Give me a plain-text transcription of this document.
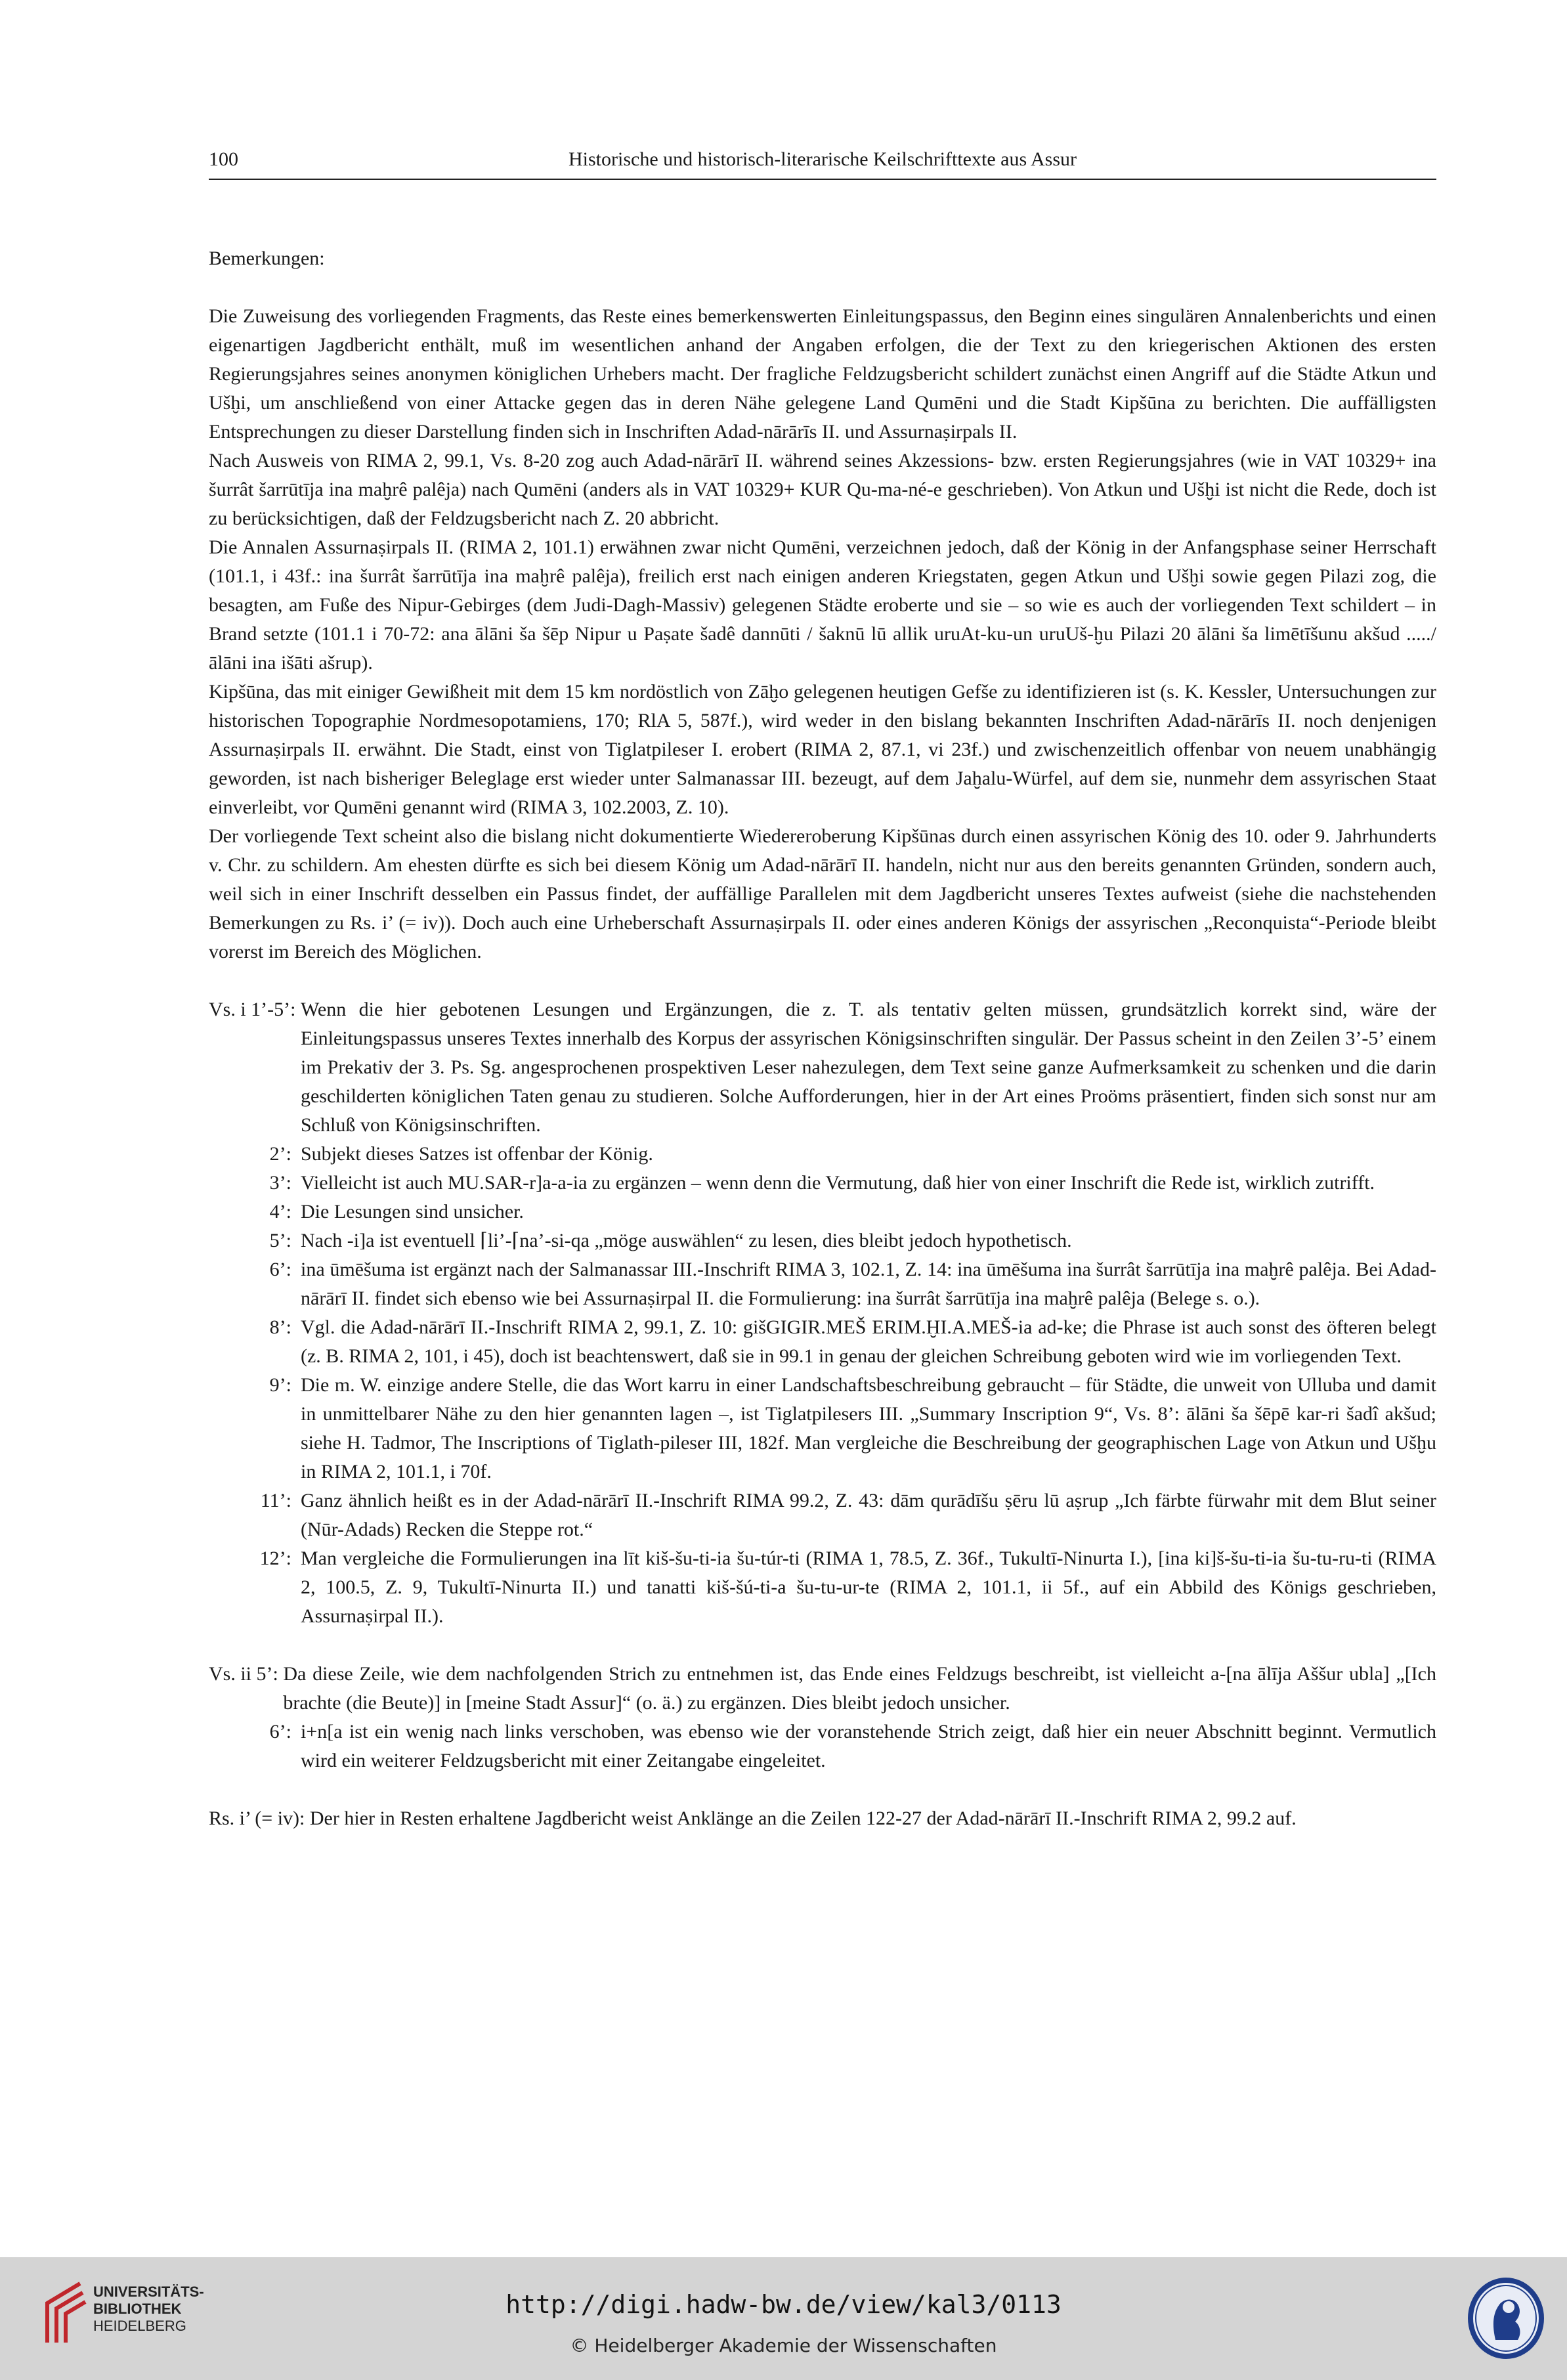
100	Historische und historisch-literarische Keilschrifttexte aus Assur

Bemerkungen:

Die Zuweisung des vorliegenden Fragments, das Reste eines bemerkenswerten Einleitungspassus, den Beginn eines singulären Annalenberichts und einen eigenartigen Jagdbericht enthält, muß im wesentlichen anhand der Angaben erfolgen, die der Text zu den kriegerischen Aktionen des ersten Regierungsjahres seines anonymen königlichen Urhebers macht. Der fragliche Feldzugsbericht schildert zunächst einen Angriff auf die Städte Atkun und Ušḫi, um anschließend von einer Attacke gegen das in deren Nähe gelegene Land Qumēni und die Stadt Kipšūna zu berichten. Die auffälligsten Entsprechungen zu dieser Darstellung finden sich in Inschriften Adad-nārārīs II. und Assurnaṣirpals II.

Nach Ausweis von RIMA 2, 99.1, Vs. 8-20 zog auch Adad-nārārī II. während seines Akzessions- bzw. ersten Regierungsjahres (wie in VAT 10329+ ina šurrât šarrūtīja ina maḫrê palêja) nach Qumēni (anders als in VAT 10329+ KUR Qu-ma-né-e geschrieben). Von Atkun und Ušḫi ist nicht die Rede, doch ist zu berücksichtigen, daß der Feldzugsbericht nach Z. 20 abbricht.

Die Annalen Assurnaṣirpals II. (RIMA 2, 101.1) erwähnen zwar nicht Qumēni, verzeichnen jedoch, daß der König in der Anfangsphase seiner Herrschaft (101.1, i 43f.: ina šurrât šarrūtīja ina maḫrê palêja), freilich erst nach einigen anderen Kriegstaten, gegen Atkun und Ušḫi sowie gegen Pilazi zog, die besagten, am Fuße des Nipur-Gebirges (dem Judi-Dagh-Massiv) gelegenen Städte eroberte und sie – so wie es auch der vorliegenden Text schildert – in Brand setzte (101.1 i 70-72: ana ālāni ša šēp Nipur u Paṣate šadê dannūti / šaknū lū allik uruAt-ku-un uruUš-ḫu Pilazi 20 ālāni ša limētīšunu akšud ...../ ālāni ina išāti ašrup).

Kipšūna, das mit einiger Gewißheit mit dem 15 km nordöstlich von Zāḫo gelegenen heutigen Gefše zu identifizieren ist (s. K. Kessler, Untersuchungen zur historischen Topographie Nordmesopotamiens, 170; RlA 5, 587f.), wird weder in den bislang bekannten Inschriften Adad-nārārīs II. noch denjenigen Assurnaṣirpals II. erwähnt. Die Stadt, einst von Tiglatpileser I. erobert (RIMA 2, 87.1, vi 23f.) und zwischenzeitlich offenbar von neuem unabhängig geworden, ist nach bisheriger Beleglage erst wieder unter Salmanassar III. bezeugt, auf dem Jaḫalu-Würfel, auf dem sie, nunmehr dem assyrischen Staat einverleibt, vor Qumēni genannt wird (RIMA 3, 102.2003, Z. 10).

Der vorliegende Text scheint also die bislang nicht dokumentierte Wiedereroberung Kipšūnas durch einen assyrischen König des 10. oder 9. Jahrhunderts v. Chr. zu schildern. Am ehesten dürfte es sich bei diesem König um Adad-nārārī II. handeln, nicht nur aus den bereits genannten Gründen, sondern auch, weil sich in einer Inschrift desselben ein Passus findet, der auffällige Parallelen mit dem Jagdbericht unseres Textes aufweist (siehe die nachstehenden Bemerkungen zu Rs. i’ (= iv)). Doch auch eine Urheberschaft Assurnaṣirpals II. oder eines anderen Königs der assyrischen „Reconquista“-Periode bleibt vorerst im Bereich des Möglichen.

Vs. i 1’-5’: Wenn die hier gebotenen Lesungen und Ergänzungen, die z. T. als tentativ gelten müssen, grundsätzlich korrekt sind, wäre der Einleitungspassus unseres Textes innerhalb des Korpus der assyrischen Königsinschriften singulär. Der Passus scheint in den Zeilen 3’-5’ einem im Prekativ der 3. Ps. Sg. angesprochenen prospektiven Leser nahezulegen, dem Text seine ganze Aufmerksamkeit zu schenken und die darin geschilderten königlichen Taten genau zu studieren. Solche Aufforderungen, hier in der Art eines Proöms präsentiert, finden sich sonst nur am Schluß von Königsinschriften.
2’: Subjekt dieses Satzes ist offenbar der König.
3’: Vielleicht ist auch MU.SAR-r]a-a-ia zu ergänzen – wenn denn die Vermutung, daß hier von einer Inschrift die Rede ist, wirklich zutrifft.
4’: Die Lesungen sind unsicher.
5’: Nach -i]a ist eventuell ⌈li’-⌈na’-si-qa „möge auswählen“ zu lesen, dies bleibt jedoch hypothetisch.
6’: ina ūmēšuma ist ergänzt nach der Salmanassar III.-Inschrift RIMA 3, 102.1, Z. 14: ina ūmēšuma ina šurrât šarrūtīja ina maḫrê palêja. Bei Adad-nārārī II. findet sich ebenso wie bei Assurnaṣirpal II. die Formulierung: ina šurrât šarrūtīja ina maḫrê palêja (Belege s. o.).
8’: Vgl. die Adad-nārārī II.-Inschrift RIMA 2, 99.1, Z. 10: gišGIGIR.MEŠ ERIM.ḪI.A.MEŠ-ia ad-ke; die Phrase ist auch sonst des öfteren belegt (z. B. RIMA 2, 101, i 45), doch ist beachtenswert, daß sie in 99.1 in genau der gleichen Schreibung geboten wird wie im vorliegenden Text.
9’: Die m. W. einzige andere Stelle, die das Wort karru in einer Landschaftsbeschreibung gebraucht – für Städte, die unweit von Ulluba und damit in unmittelbarer Nähe zu den hier genannten lagen –, ist Tiglatpilesers III. „Summary Inscription 9“, Vs. 8’: ālāni ša šēpē kar-ri šadî akšud; siehe H. Tadmor, The Inscriptions of Tiglath-pileser III, 182f. Man vergleiche die Beschreibung der geographischen Lage von Atkun und Ušḫu in RIMA 2, 101.1, i 70f.
11’: Ganz ähnlich heißt es in der Adad-nārārī II.-Inschrift RIMA 99.2, Z. 43: dām qurādīšu ṣēru lū aṣrup „Ich färbte fürwahr mit dem Blut seiner (Nūr-Adads) Recken die Steppe rot.“
12’: Man vergleiche die Formulierungen ina līt kiš-šu-ti-ia šu-túr-ti (RIMA 1, 78.5, Z. 36f., Tukultī-Ninurta I.), [ina ki]š-šu-ti-ia šu-tu-ru-ti (RIMA 2, 100.5, Z. 9, Tukultī-Ninurta II.) und tanatti kiš-šú-ti-a šu-tu-ur-te (RIMA 2, 101.1, ii 5f., auf ein Abbild des Königs geschrieben, Assurnaṣirpal II.).
Vs. ii 5’: Da diese Zeile, wie dem nachfolgenden Strich zu entnehmen ist, das Ende eines Feldzugs beschreibt, ist vielleicht a-[na ālīja Aššur ubla] „[Ich brachte (die Beute)] in [meine Stadt Assur]“ (o. ä.) zu ergänzen. Dies bleibt jedoch unsicher.
6’: i+n[a ist ein wenig nach links verschoben, was ebenso wie der voranstehende Strich zeigt, daß hier ein neuer Abschnitt beginnt. Vermutlich wird ein weiterer Feldzugsbericht mit einer Zeitangabe eingeleitet.
Rs. i’ (= iv): Der hier in Resten erhaltene Jagdbericht weist Anklänge an die Zeilen 122-27 der Adad-nārārī II.-Inschrift RIMA 2, 99.2 auf.
UNIVERSITÄTS-
BIBLIOTHEK
HEIDELBERG
http://digi.hadw-bw.de/view/kal3/0113
© Heidelberger Akademie der Wissenschaften
